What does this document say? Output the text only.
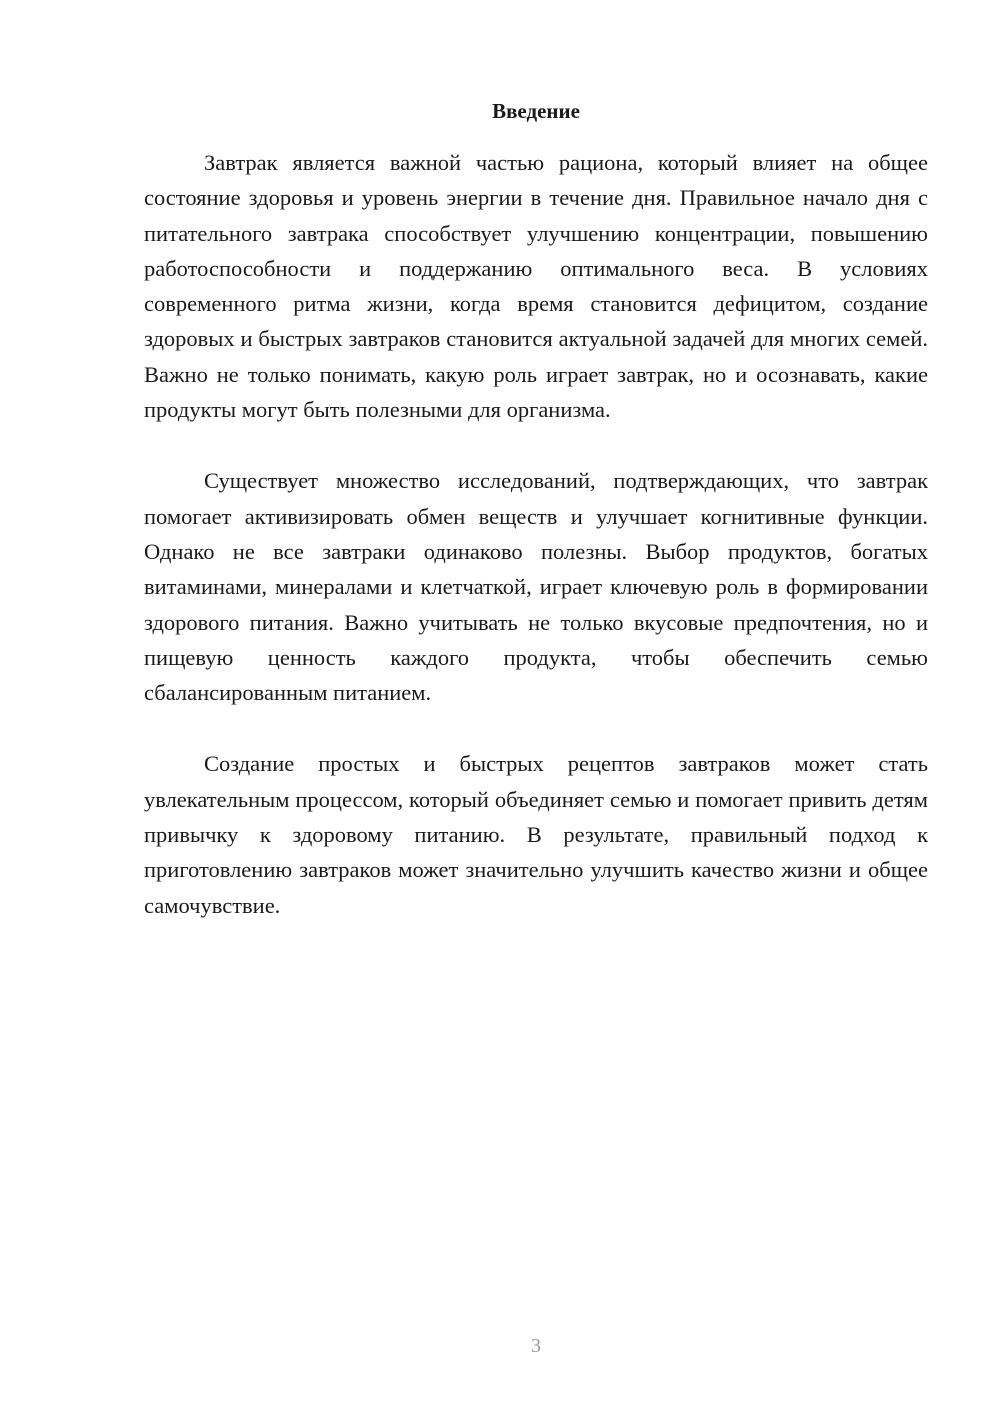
Введение

Завтрак является важной частью рациона, который влияет на общее состояние здоровья и уровень энергии в течение дня. Правильное начало дня с питательного завтрака способствует улучшению концентрации, повышению работоспособности и поддержанию оптимального веса. В условиях современного ритма жизни, когда время становится дефицитом, создание здоровых и быстрых завтраков становится актуальной задачей для многих семей. Важно не только понимать, какую роль играет завтрак, но и осознавать, какие продукты могут быть полезными для организма.

Существует множество исследований, подтверждающих, что завтрак помогает активизировать обмен веществ и улучшает когнитивные функции. Однако не все завтраки одинаково полезны. Выбор продуктов, богатых витаминами, минералами и клетчаткой, играет ключевую роль в формировании здорового питания. Важно учитывать не только вкусовые предпочтения, но и пищевую ценность каждого продукта, чтобы обеспечить семью сбалансированным питанием.

Создание простых и быстрых рецептов завтраков может стать увлекательным процессом, который объединяет семью и помогает привить детям привычку к здоровому питанию. В результате, правильный подход к приготовлению завтраков может значительно улучшить качество жизни и общее самочувствие.

3
